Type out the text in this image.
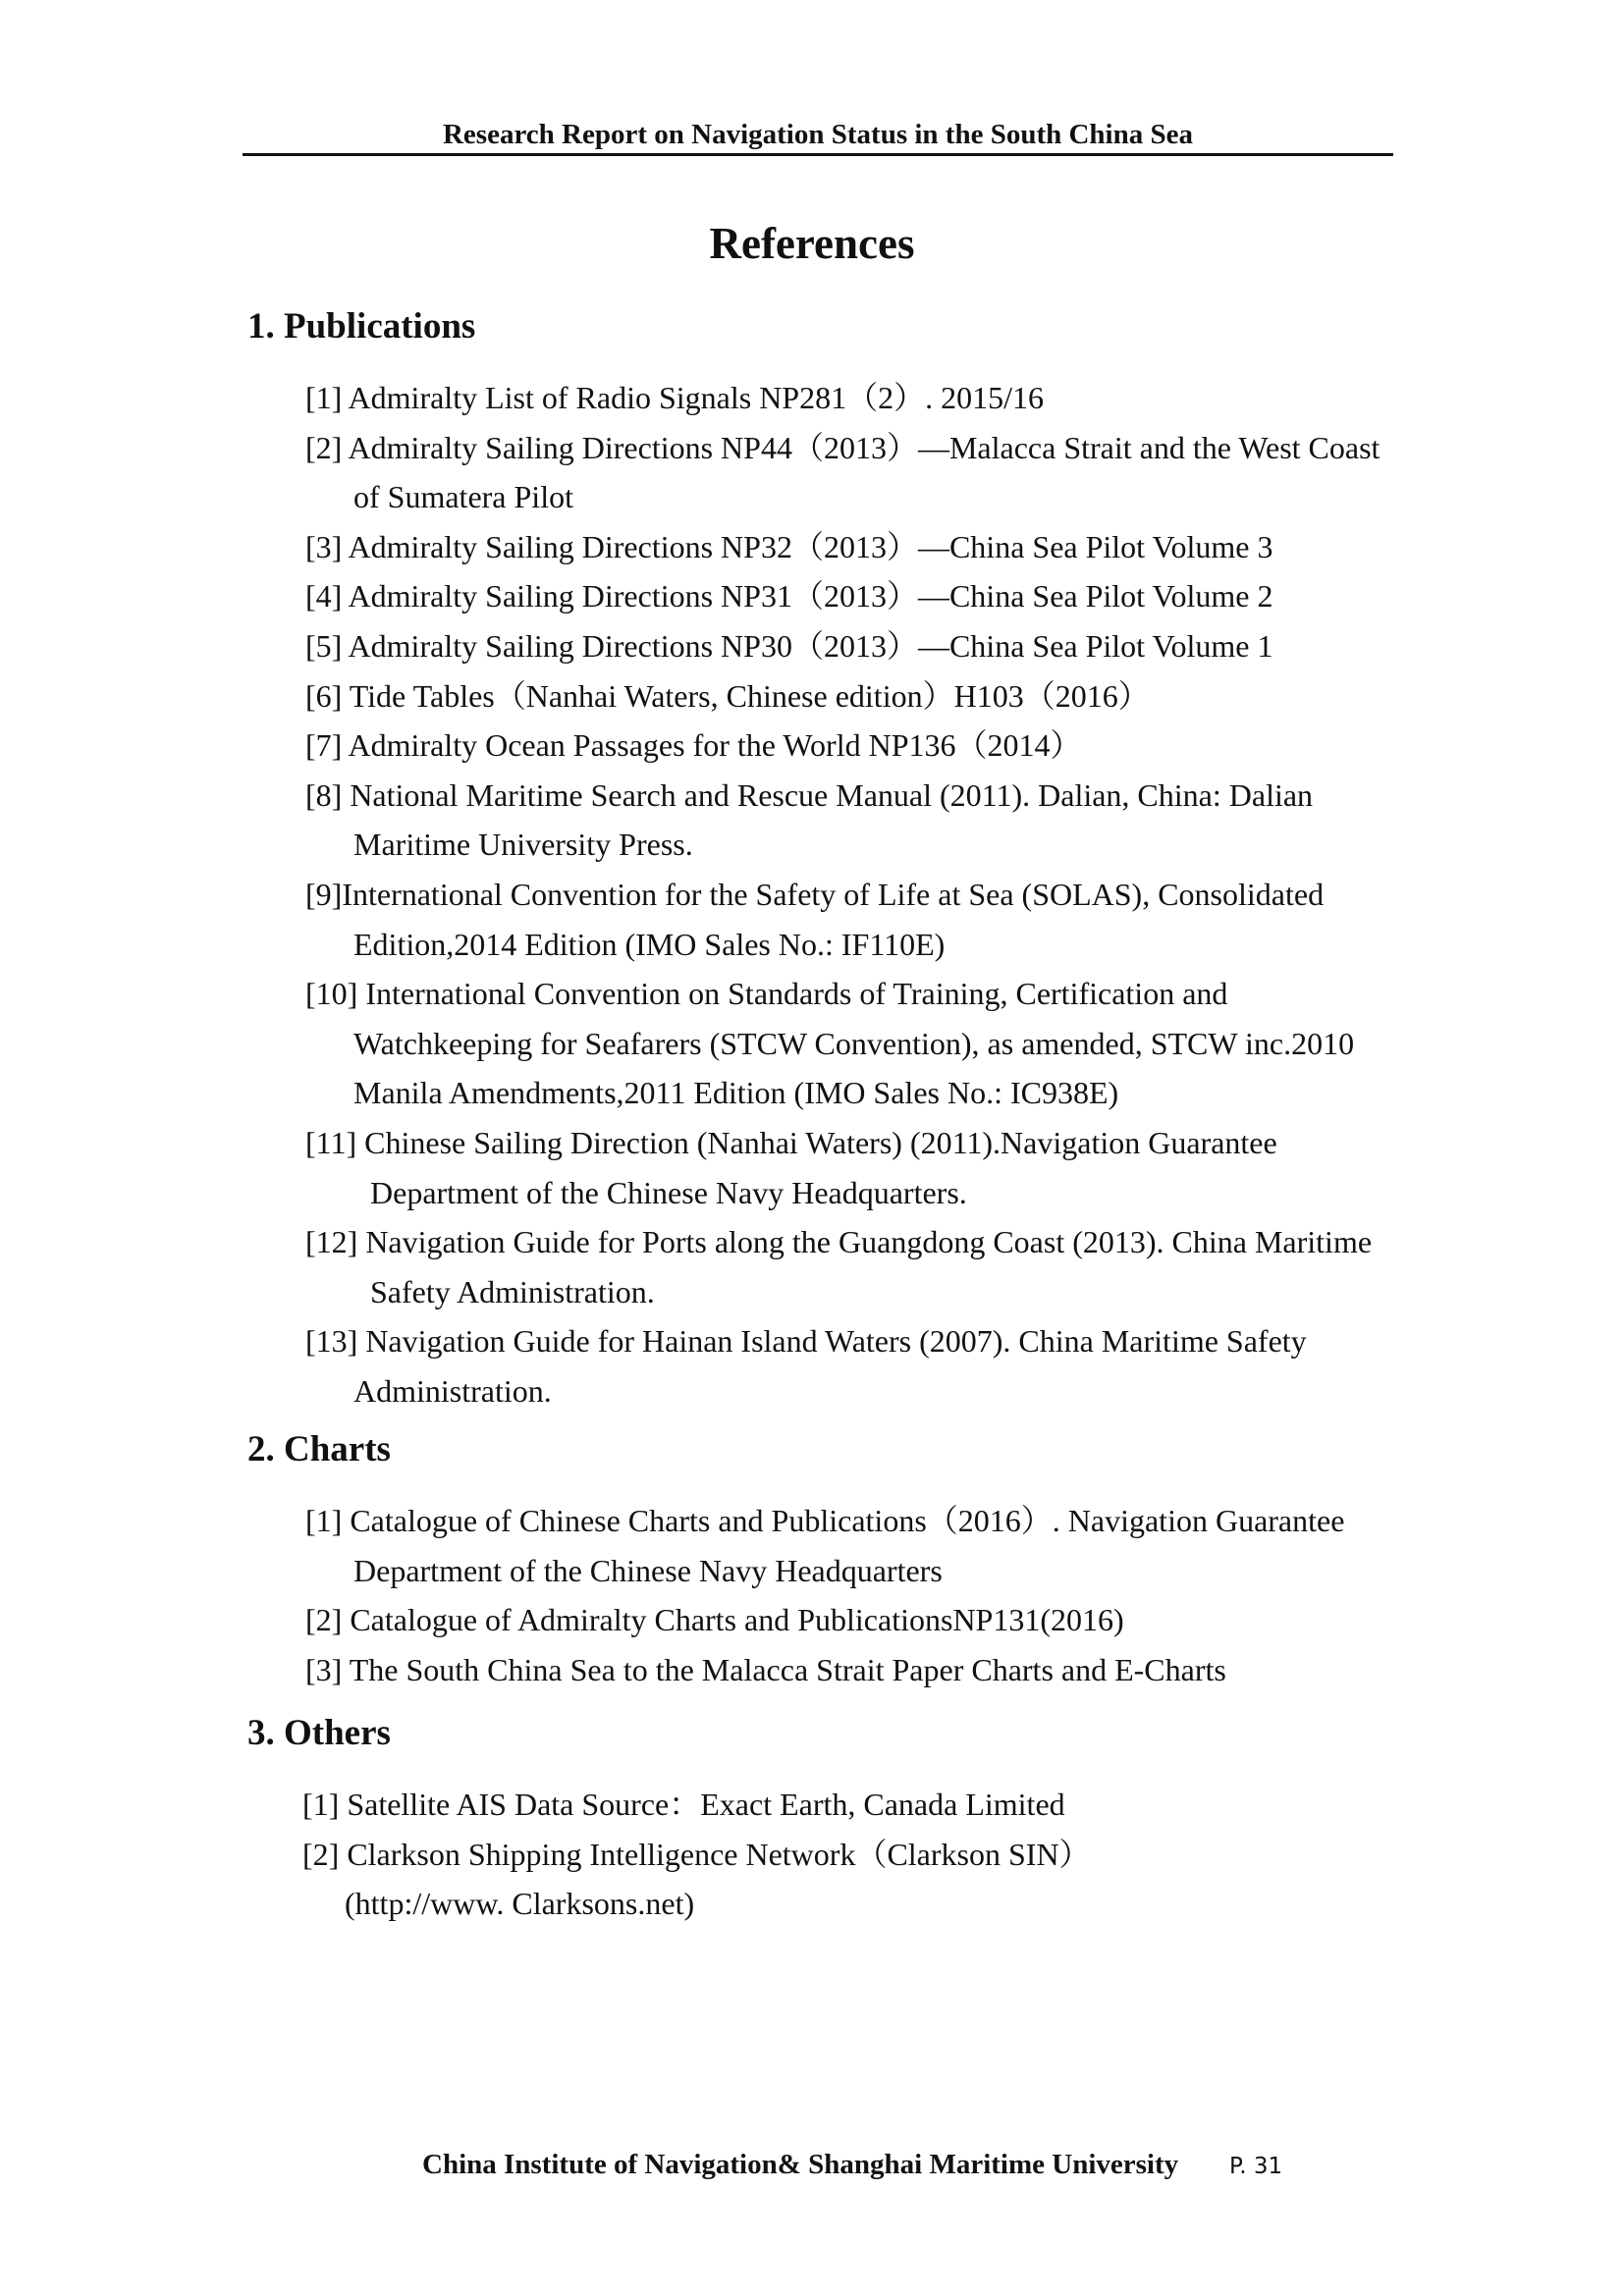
Research Report on Navigation Status in the South China Sea
References
1. Publications
[1] Admiralty List of Radio Signals NP281（2）. 2015/16
[2] Admiralty Sailing Directions NP44（2013）—Malacca Strait and the West Coast of Sumatera Pilot
[3] Admiralty Sailing Directions NP32（2013）—China Sea Pilot Volume 3
[4] Admiralty Sailing Directions NP31（2013）—China Sea Pilot Volume 2
[5] Admiralty Sailing Directions NP30（2013）—China Sea Pilot Volume 1
[6] Tide Tables（Nanhai Waters, Chinese edition）H103（2016）
[7] Admiralty Ocean Passages for the World NP136（2014）
[8] National Maritime Search and Rescue Manual (2011). Dalian, China: Dalian Maritime University Press.
[9]International Convention for the Safety of Life at Sea (SOLAS), Consolidated Edition,2014 Edition (IMO Sales No.: IF110E)
[10] International Convention on Standards of Training, Certification and Watchkeeping for Seafarers (STCW Convention), as amended, STCW inc.2010 Manila Amendments,2011 Edition (IMO Sales No.: IC938E)
[11] Chinese Sailing Direction (Nanhai Waters) (2011).Navigation Guarantee Department of the Chinese Navy Headquarters.
[12] Navigation Guide for Ports along the Guangdong Coast (2013). China Maritime Safety Administration.
[13] Navigation Guide for Hainan Island Waters (2007). China Maritime Safety Administration.
2. Charts
[1] Catalogue of Chinese Charts and Publications（2016）. Navigation Guarantee Department of the Chinese Navy Headquarters
[2] Catalogue of Admiralty Charts and PublicationsNP131(2016)
[3] The South China Sea to the Malacca Strait Paper Charts and E-Charts
3. Others
[1] Satellite AIS Data Source：Exact Earth, Canada Limited
[2] Clarkson Shipping Intelligence Network（Clarkson SIN）(http://www. Clarksons.net)
China Institute of Navigation& Shanghai Maritime University P. 31
